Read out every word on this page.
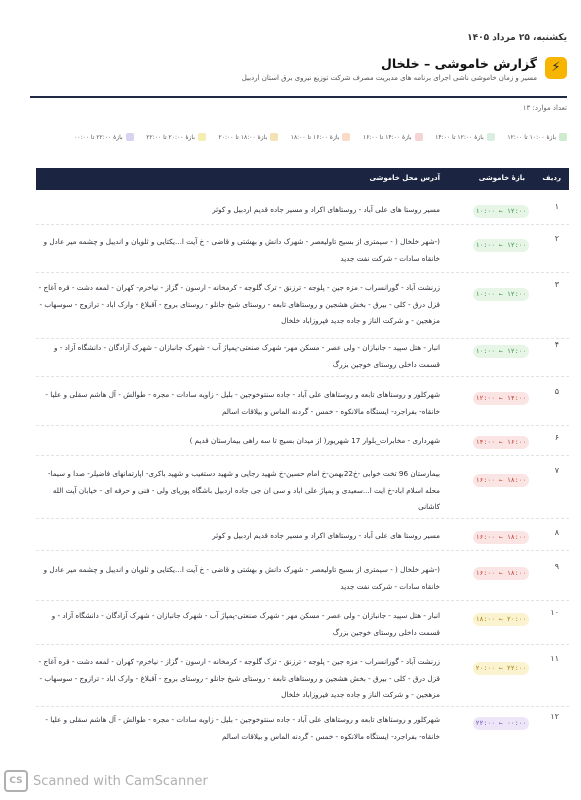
یکشنبه، ۲۵ مرداد ۱۴۰۵
⚡
گزارش خاموشی – خلخال
مسیر و زمان خاموشی ناشی اجرای برنامه های مدیریت مصرف شرکت توزیع نیروی برق استان اردبیل
تعداد موارد: ۱۳
بازهٔ ۱۰:۰۰ تا ۱۲:۰۰
بازهٔ ۱۲:۰۰ تا ۱۴:۰۰
بازهٔ ۱۴:۰۰ تا ۱۶:۰۰
بازهٔ ۱۶:۰۰ تا ۱۸:۰۰
بازهٔ ۱۸:۰۰ تا ۲۰:۰۰
بازهٔ ۲۰:۰۰ تا ۲۲:۰۰
بازهٔ ۲۲:۰۰ تا ۰۰:۰۰
ردیف
بازهٔ خاموشی
آدرس محل خاموشی
۱
۱۰:۰۰ ← ۱۲:۰۰
مسیر روستا های علی آباد - روستاهای اکراد و مسیر جاده قدیم اردبیل و کوثر
۲
۱۰:۰۰ ← ۱۲:۰۰
(-شهر خلخال ( - سیمتری از بسیج تاولیعصر - شهرک دانش و بهشتی و قاضی - خ آیت ا...یکتایی و ثلویان و اندیبل و چشمه میر عادل و خانقاه سادات - شرکت نفت جدید
۳
۱۰:۰۰ ← ۱۲:۰۰
زرنشت آباد - گورانسراب - مزه جین - پلوجه - ترزنق - ترک گلوجه - کرمخانه - ارسون - گزاز - نیاخرم- کهران - لمعه دشت - قره آغاج - قزل درق - کلی - بیرق - بخش هشجین و روستاهای تابعه - روستای شیخ جانلو - روستای بروج - آقبلاغ - وارک اباد - ترازوج - سوسهاب - مزهجین - و شرکت الناز و جاده جدید فیروزاباد خلخال
۴
۱۰:۰۰ ← ۱۲:۰۰
انبار - هتل سپید - جانبازان - ولی عصر - مسکن مهر- شهرک صنعتی-پمپاژ آب - شهرک جانبازان - شهرک آزادگان - دانشگاه آزاد - و قسمت داخلی روستای خوجین بزرگ
۵
۱۲:۰۰ ← ۱۴:۰۰
شهرکلور و روستاهای تابعه و روستاهای علی آباد - جاده سنتوخوجین - بلیل - زاویه سادات - مجره - طوالش - آل هاشم سقلی و علیا - خانقاه- بفراجرد- ایستگاه مالانکوه - خمس - گردنه الماس و بیلاقات اسالم
۶
۱۴:۰۰ ← ۱۶:۰۰
شهرداری - مخابرات_بلوار 17 شهریور( از میدان بسیج تا سه راهی بیمارستان قدیم )
۷
۱۶:۰۰ ← ۱۸:۰۰
بیمارستان 96 تخت خوابی -خ22بهمن-خ امام حسین-خ شهید رجایی و شهید دستغیب و شهید باکری- اپارتمانهای فاضیلر- صدا و سیما- محله اسلام اباد-خ ایت ا...سعیدی و پمپاژ علی اباد و سی ان جی جاده اردبیل باشگاه پوریای ولی - فنی و حرفه ای - خیابان آیت الله کاشانی
۸
۱۶:۰۰ ← ۱۸:۰۰
مسیر روستا های علی آباد - روستاهای اکراد و مسیر جاده قدیم اردبیل و کوثر
۹
۱۶:۰۰ ← ۱۸:۰۰
(-شهر خلخال ( - سیمتری از بسیج تاولیعصر - شهرک دانش و بهشتی و قاضی - خ آیت ا...یکتایی و ثلویان و اندیبل و چشمه میر عادل و خانقاه سادات - شرکت نفت جدید
۱۰
۱۸:۰۰ ← ۲۰:۰۰
انبار - هتل سپید - جانبازان - ولی عصر - مسکن مهر - شهرک صنعتی-پمپاژ آب - شهرک جانبازان - شهرک آزادگان - دانشگاه آزاد - و قسمت داخلی روستای خوجین بزرگ
۱۱
۲۰:۰۰ ← ۲۲:۰۰
زرنشت آباد - گورانسراب - مزه جین - پلوجه - ترزنق - ترک گلوجه - کرمخانه - ارسون - گزاز - نیاخرم- کهران - لمعه دشت - قره آغاج - قزل درق - کلی - بیرق - بخش هشجین و روستاهای تابعه - روستای شیخ جانلو - روستای بروج - آقبلاغ - وارک اباد - ترازوج - سوسهاب - مزهجین - و شرکت الناز و جاده جدید فیروزاباد خلخال
۱۲
۲۲:۰۰ ← ۰۰:۰۰
شهرکلور و روستاهای تابعه و روستاهای علی آباد - جاده سنتوخوجین - بلیل - زاویه سادات - مجره - طوالش - آل هاشم سقلی و علیا - خانقاه- بفراجرد- ایستگاه مالانکوه - خمس - گردنه الماس و بیلاقات اسالم
CS Scanned with CamScanner
